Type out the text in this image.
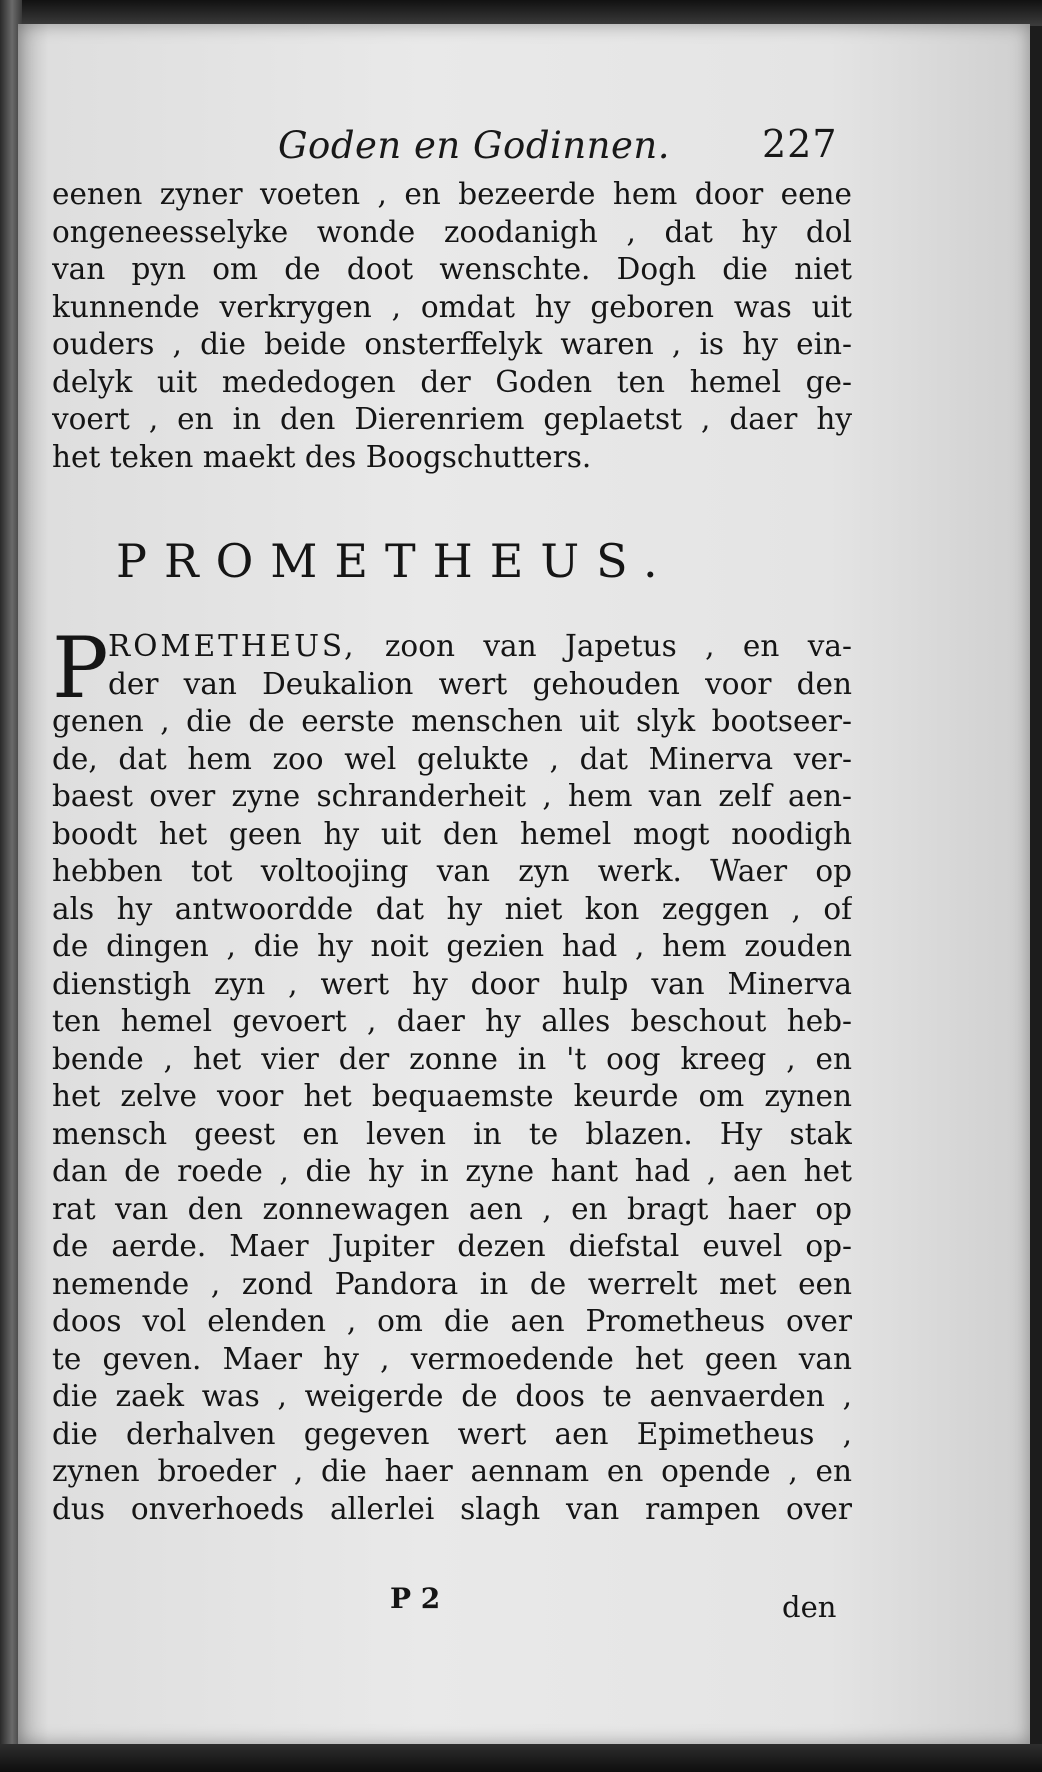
Goden en Godinnen. 227
eenen zyner voeten , en bezeerde hem door eene
ongeneesselyke wonde zoodanigh , dat hy dol
van pyn om de doot wenschte. Dogh die niet
kunnende verkrygen , omdat hy geboren was uit
ouders , die beide onsterffelyk waren , is hy ein-
delyk uit mededogen der Goden ten hemel ge-
voert , en in den Dierenriem geplaetst , daer hy
het teken maekt des Boogschutters.
PROMETHEUS.
P ROMETHEUS, zoon van Japetus , en va-
der van Deukalion wert gehouden voor den
genen , die de eerste menschen uit slyk bootseer-
de, dat hem zoo wel gelukte , dat Minerva ver-
baest over zyne schranderheit , hem van zelf aen-
boodt het geen hy uit den hemel mogt noodigh
hebben tot voltoojing van zyn werk. Waer op
als hy antwoordde dat hy niet kon zeggen , of
de dingen , die hy noit gezien had , hem zouden
dienstigh zyn , wert hy door hulp van Minerva
ten hemel gevoert , daer hy alles beschout heb-
bende , het vier der zonne in 't oog kreeg , en
het zelve voor het bequaemste keurde om zynen
mensch geest en leven in te blazen. Hy stak
dan de roede , die hy in zyne hant had , aen het
rat van den zonnewagen aen , en bragt haer op
de aerde. Maer Jupiter dezen diefstal euvel op-
nemende , zond Pandora in de werrelt met een
doos vol elenden , om die aen Prometheus over
te geven. Maer hy , vermoedende het geen van
die zaek was , weigerde de doos te aenvaerden ,
die derhalven gegeven wert aen Epimetheus ,
zynen broeder , die haer aennam en opende , en
dus onverhoeds allerlei slagh van rampen over
P 2	den
